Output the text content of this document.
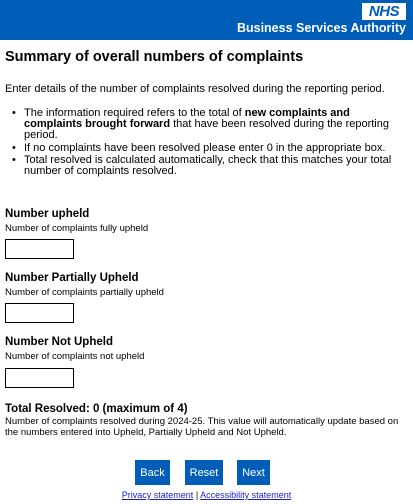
NHS
Business Services Authority
Summary of overall numbers of complaints

Enter details of the number of complaints resolved during the reporting period.

• The information required refers to the total of new complaints and complaints brought forward that have been resolved during the reporting period.
• If no complaints have been resolved please enter 0 in the appropriate box.
• Total resolved is calculated automatically, check that this matches your total number of complaints resolved.
Number upheld
Number of complaints fully upheld
Number Partially Upheld
Number of complaints partially upheld
Number Not Upheld
Number of complaints not upheld
Total Resolved: 0 (maximum of 4)
Number of complaints resolved during 2024-25. This value will automatically update based on the numbers entered into Upheld, Partially Upheld and Not Upheld.
Back	Reset	Next
Privacy statement | Accessibility statement
